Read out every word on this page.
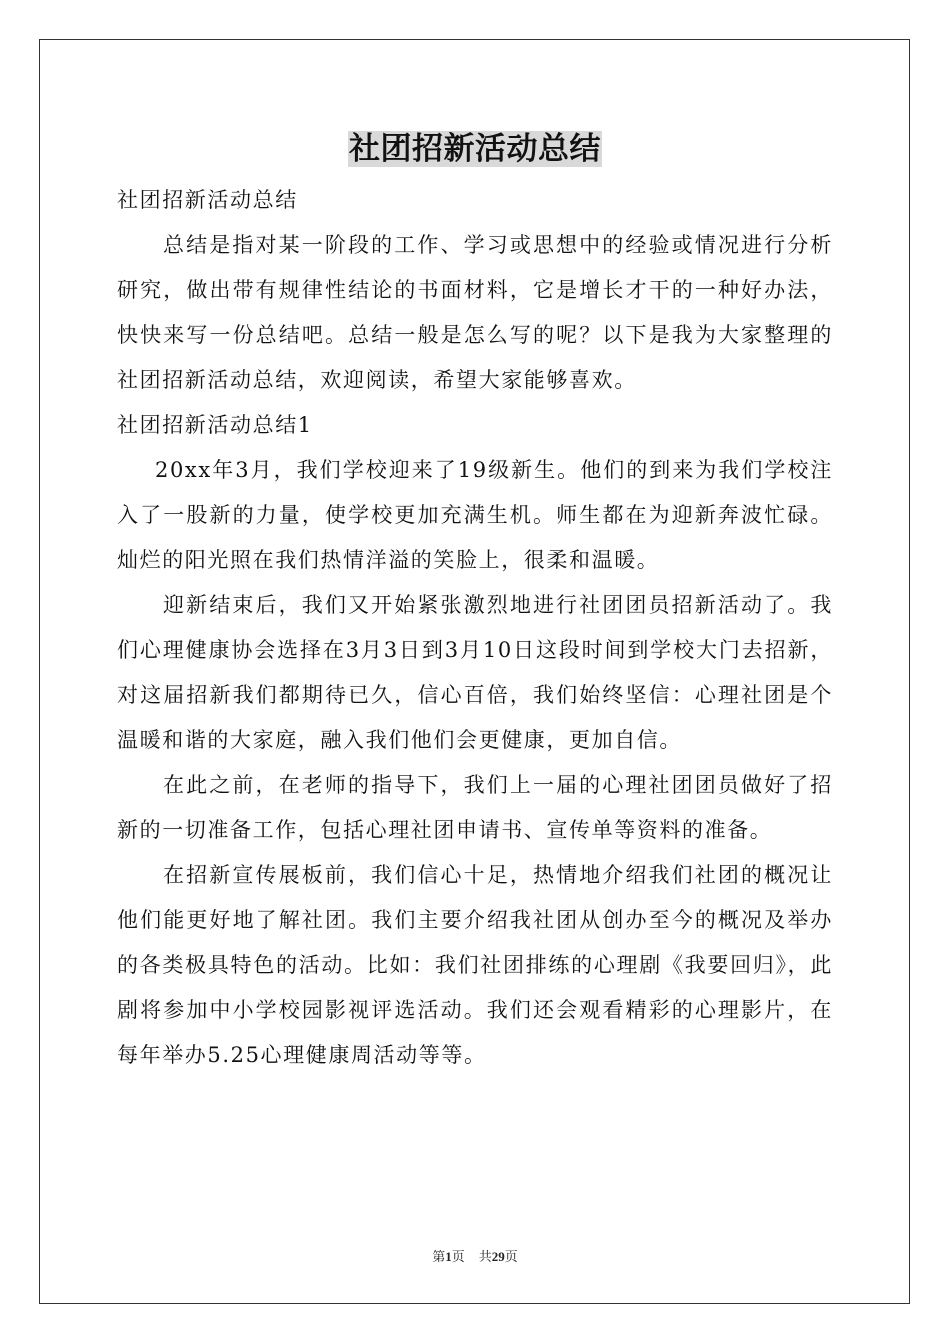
社团招新活动总结

社团招新活动总结

总结是指对某一阶段的工作、学习或思想中的经验或情况进行分析研究，做出带有规律性结论的书面材料，它是增长才干的一种好办法，快快来写一份总结吧。总结一般是怎么写的呢？以下是我为大家整理的社团招新活动总结，欢迎阅读，希望大家能够喜欢。

社团招新活动总结1

20xx年3月，我们学校迎来了19级新生。他们的到来为我们学校注入了一股新的力量，使学校更加充满生机。师生都在为迎新奔波忙碌。灿烂的阳光照在我们热情洋溢的笑脸上，很柔和温暖。

迎新结束后，我们又开始紧张激烈地进行社团团员招新活动了。我们心理健康协会选择在3月3日到3月10日这段时间到学校大门去招新，对这届招新我们都期待已久，信心百倍，我们始终坚信：心理社团是个温暖和谐的大家庭，融入我们他们会更健康，更加自信。

在此之前，在老师的指导下，我们上一届的心理社团团员做好了招新的一切准备工作，包括心理社团申请书、宣传单等资料的准备。

在招新宣传展板前，我们信心十足，热情地介绍我们社团的概况让他们能更好地了解社团。我们主要介绍我社团从创办至今的概况及举办的各类极具特色的活动。比如：我们社团排练的心理剧《我要回归》，此剧将参加中小学校园影视评选活动。我们还会观看精彩的心理影片，在每年举办5.25心理健康周活动等等。

第1页 共29页
